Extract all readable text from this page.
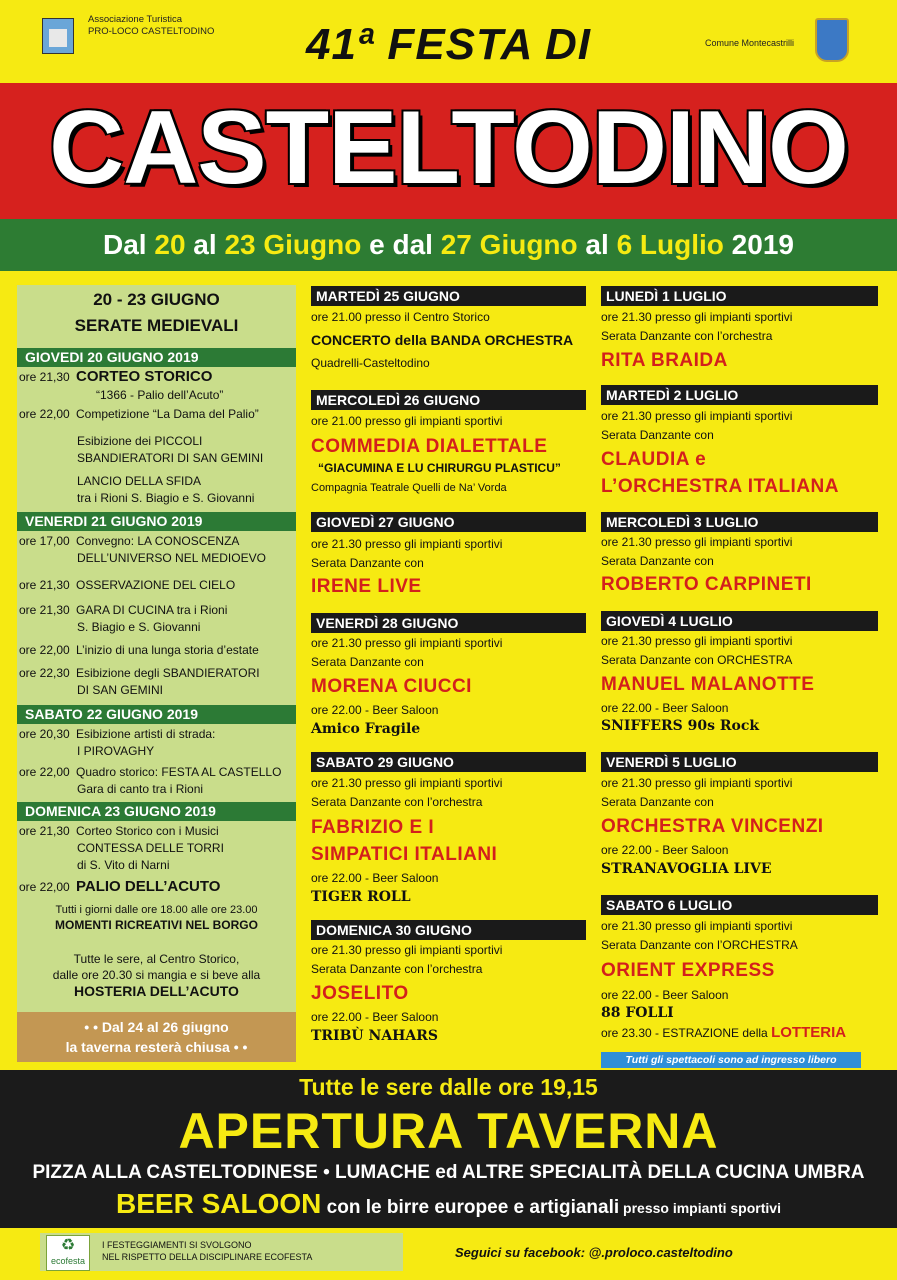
Associazione Turistica
PRO-LOCO CASTELTODINO	41ª FESTA DI	Comune Montecastrilli
CASTELTODINO
Dal 20 al 23 Giugno e dal 27 Giugno al 6 Luglio 2019
20 - 23 GIUGNO
SERATE MEDIEVALI
GIOVEDI 20 GIUGNO 2019
ore 21,30 CORTEO STORICO
“1366 - Palio dell’Acuto”
ore 22,00 Competizione “La Dama del Palio”
Esibizione dei PICCOLI
SBANDIERATORI DI SAN GEMINI
LANCIO DELLA SFIDA
tra i Rioni S. Biagio e S. Giovanni
VENERDI 21 GIUGNO 2019
ore 17,00 Convegno: LA CONOSCENZA
DELL’UNIVERSO NEL MEDIOEVO
ore 21,30 OSSERVAZIONE DEL CIELO
ore 21,30 GARA DI CUCINA tra i Rioni
S. Biagio e S. Giovanni
ore 22,00 L’inizio di una lunga storia d’estate
ore 22,30 Esibizione degli SBANDIERATORI
DI SAN GEMINI
SABATO 22 GIUGNO 2019
ore 20,30 Esibizione artisti di strada:
I PIROVAGHY
ore 22,00 Quadro storico: FESTA AL CASTELLO
Gara di canto tra i Rioni
DOMENICA 23 GIUGNO 2019
ore 21,30 Corteo Storico con i Musici
CONTESSA DELLE TORRI
di S. Vito di Narni
ore 22,00 PALIO DELL’ACUTO
Tutti i giorni dalle ore 18.00 alle ore 23.00
MOMENTI RICREATIVI NEL BORGO
Tutte le sere, al Centro Storico,
dalle ore 20.30 si mangia e si beve alla
HOSTERIA DELL’ACUTO
• • Dal 24 al 26 giugno
la taverna resterà chiusa • •
MARTEDÌ 25 GIUGNO
ore 21.00 presso il Centro Storico
CONCERTO della BANDA ORCHESTRA
Quadrelli-Casteltodino
MERCOLEDÌ 26 GIUGNO
ore 21.00 presso gli impianti sportivi
COMMEDIA DIALETTALE
“GIACUMINA E LU CHIRURGU PLASTICU”
Compagnia Teatrale Quelli de Na’ Vorda
GIOVEDÌ 27 GIUGNO
ore 21.30 presso gli impianti sportivi
Serata Danzante con
IRENE LIVE
VENERDÌ 28 GIUGNO
ore 21.30 presso gli impianti sportivi
Serata Danzante con
MORENA CIUCCI
ore 22.00 - Beer Saloon
Amico Fragile
SABATO 29 GIUGNO
ore 21.30 presso gli impianti sportivi
Serata Danzante con l’orchestra
FABRIZIO E I
SIMPATICI ITALIANI
ore 22.00 - Beer Saloon
TIGER ROLL
DOMENICA 30 GIUGNO
ore 21.30 presso gli impianti sportivi
Serata Danzante con l’orchestra
JOSELITO
ore 22.00 - Beer Saloon
TRIBÙ NAHARS
LUNEDÌ 1 LUGLIO
ore 21.30 presso gli impianti sportivi
Serata Danzante con l’orchestra
RITA BRAIDA
MARTEDÌ 2 LUGLIO
ore 21.30 presso gli impianti sportivi
Serata Danzante con
CLAUDIA e
L’ORCHESTRA ITALIANA
MERCOLEDÌ 3 LUGLIO
ore 21.30 presso gli impianti sportivi
Serata Danzante con
ROBERTO CARPINETI
GIOVEDÌ 4 LUGLIO
ore 21.30 presso gli impianti sportivi
Serata Danzante con ORCHESTRA
MANUEL MALANOTTE
ore 22.00 - Beer Saloon
SNIFFERS 90s Rock
VENERDÌ 5 LUGLIO
ore 21.30 presso gli impianti sportivi
Serata Danzante con
ORCHESTRA VINCENZI
ore 22.00 - Beer Saloon
STRANAVOGLIA LIVE
SABATO 6 LUGLIO
ore 21.30 presso gli impianti sportivi
Serata Danzante con l’ORCHESTRA
ORIENT EXPRESS
ore 22.00 - Beer Saloon
88 FOLLI
ore 23.30 - ESTRAZIONE della LOTTERIA
Tutti gli spettacoli sono ad ingresso libero
Tutte le sere dalle ore 19,15
APERTURA TAVERNA
PIZZA ALLA CASTELTODINESE • LUMACHE ed ALTRE SPECIALITÀ DELLA CUCINA UMBRA
BEER SALOON con le birre europee e artigianali presso impianti sportivi
♻
ecofesta
I FESTEGGIAMENTI SI SVOLGONO
NEL RISPETTO DELLA DISCIPLINARE ECOFESTA	Seguici su facebook: @.proloco.casteltodino
